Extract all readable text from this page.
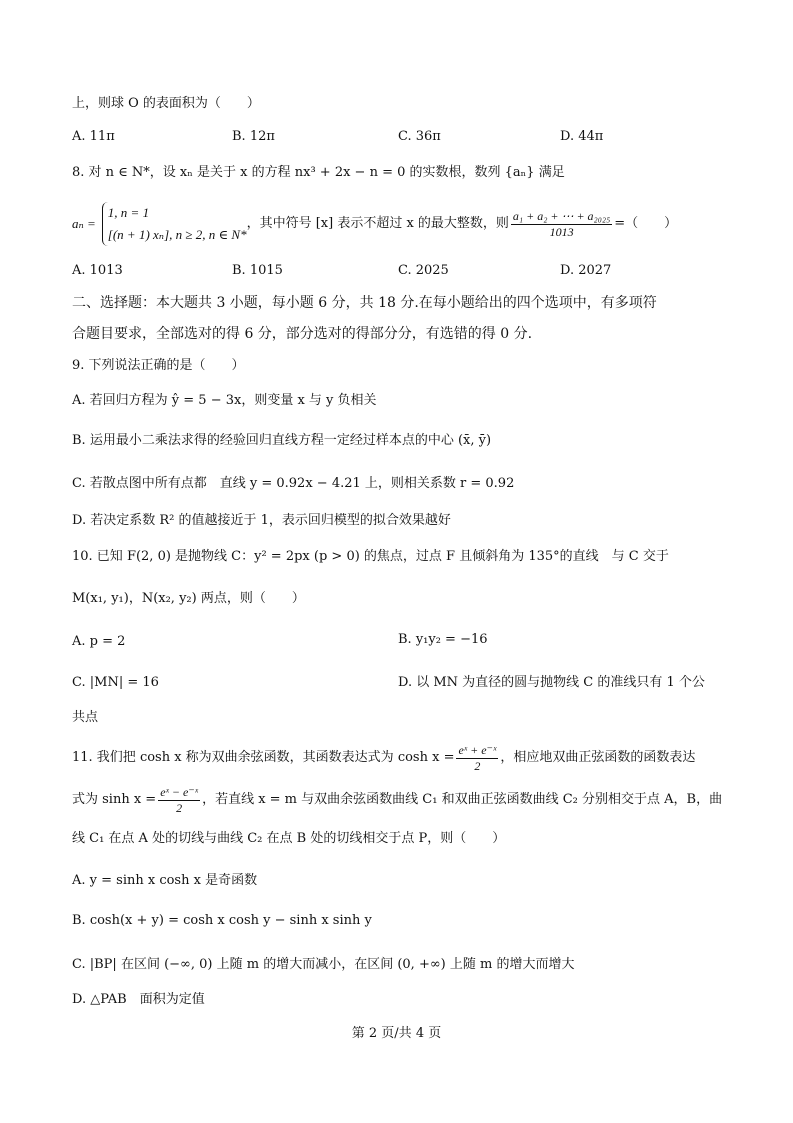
上，则球 O 的表面积为（　　）
A. 11π	B. 12π	C. 36π	D. 44π
8. 对 n ∈ N*，设 xₙ 是关于 x 的方程 nx³ + 2x − n = 0 的实数根，数列 {aₙ} 满足
aₙ =
1, n = 1
[(n + 1) xₙ], n ≥ 2, n ∈ N*
，其中符号 [x] 表示不超过 x 的最大整数，则 $\frac{\text{a₁ + a₂ + ⋯ + a₂₀₂₅}}{1013}$ =（　　）
A. 1013	B. 1015	C. 2025	D. 2027
二、选择题：本大题共 3 小题，每小题 6 分，共 18 分.在每小题给出的四个选项中，有多项符
合题目要求，全部选对的得 6 分，部分选对的得部分分，有选错的得 0 分.
9. 下列说法正确的是（　　）
A. 若回归方程为 ŷ = 5 − 3x，则变量 x 与 y 负相关
B. 运用最小二乘法求得的经验回归直线方程一定经过样本点的中心 (x̄, ȳ)
C. 若散点图中所有点都　直线 y = 0.92x − 4.21 上，则相关系数 r = 0.92
D. 若决定系数 R² 的值越接近于 1，表示回归模型的拟合效果越好
10. 已知 F(2, 0) 是抛物线 C：y² = 2px (p > 0) 的焦点，过点 F 且倾斜角为 135°的直线　与 C 交于
M(x₁, y₁)，N(x₂, y₂) 两点，则（　　）
A. p = 2	B. y₁y₂ = −16
C. |MN| = 16	D. 以 MN 为直径的圆与抛物线 C 的准线只有 1 个公
共点
11. 我们把 cosh x 称为双曲余弦函数，其函数表达式为 $\cosh x = \frac{\text{eˣ + e⁻ˣ}}{2}$ ，相应地双曲正弦函数的函数表达
式为 $\sinh x = \frac{\text{eˣ − e⁻ˣ}}{2}$ ，若直线 x = m 与双曲余弦函数曲线 C₁ 和双曲正弦函数曲线 C₂ 分别相交于点 A，B，曲
线 C₁ 在点 A 处的切线与曲线 C₂ 在点 B 处的切线相交于点 P，则（　　）
A. y = sinh x cosh x 是奇函数
B. cosh(x + y) = cosh x cosh y − sinh x sinh y
C. |BP| 在区间 (−∞, 0) 上随 m 的增大而减小，在区间 (0, +∞) 上随 m 的增大而增大
D. △PAB　面积为定值
第 2 页/共 4 页
